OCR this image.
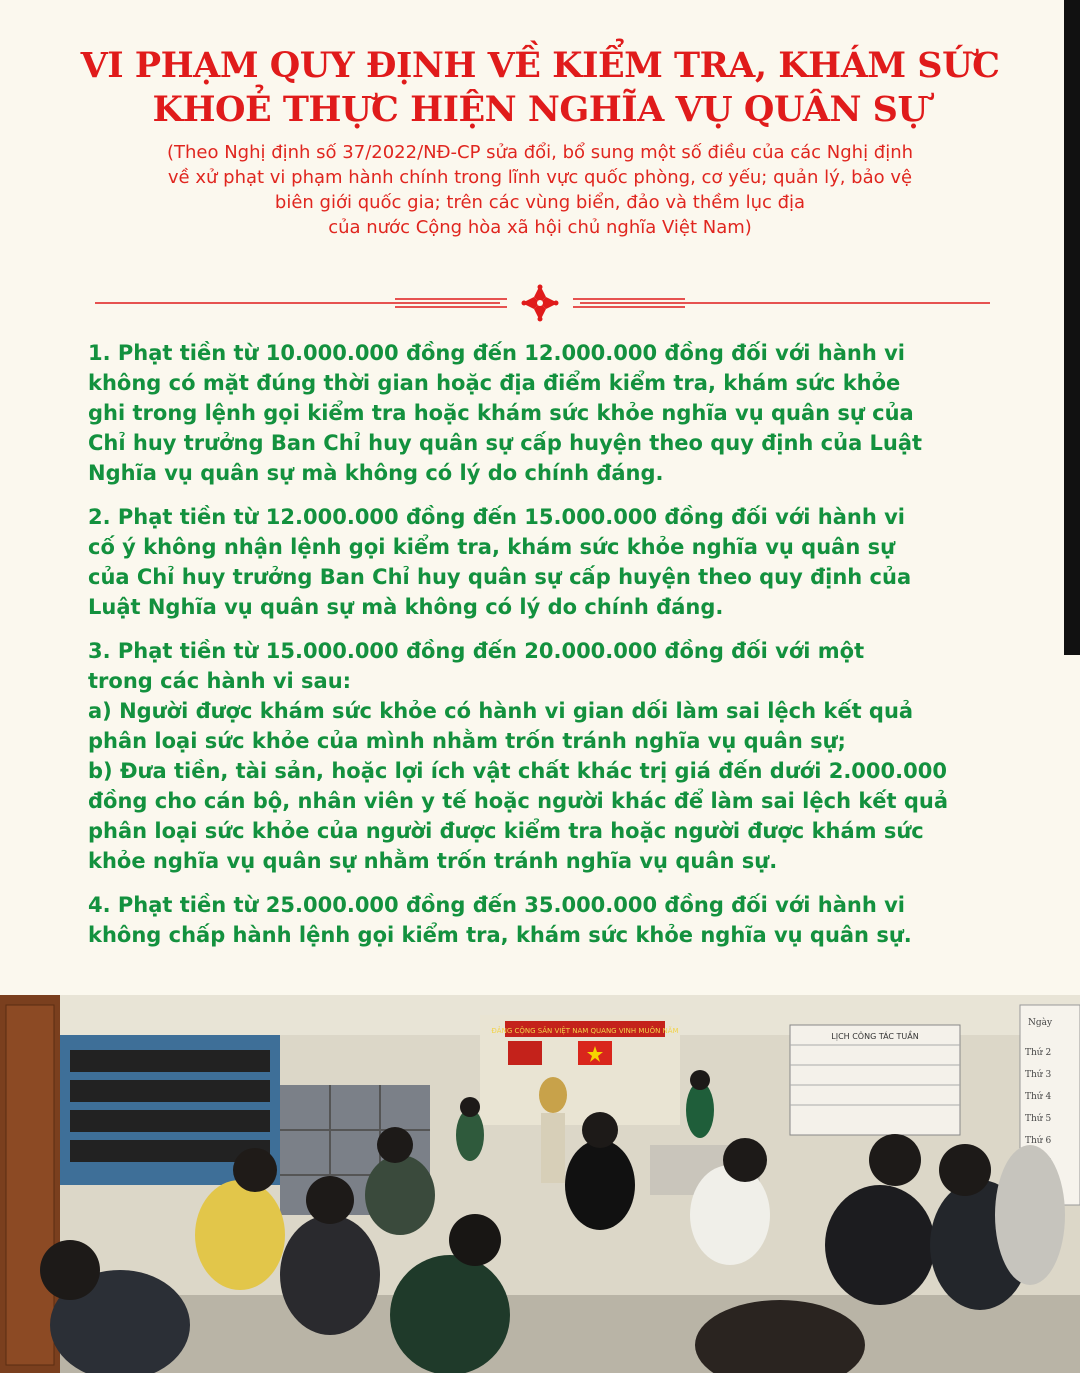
VI PHẠM QUY ĐỊNH VỀ KIỂM TRA, KHÁM SỨC
KHOẺ THỰC HIỆN NGHĨA VỤ QUÂN SỰ
(Theo Nghị định số 37/2022/NĐ-CP sửa đổi, bổ sung một số điều của các Nghị định
về xử phạt vi phạm hành chính trong lĩnh vực quốc phòng, cơ yếu; quản lý, bảo vệ
biên giới quốc gia; trên các vùng biển, đảo và thềm lục địa
của nước Cộng hòa xã hội chủ nghĩa Việt Nam)
1. Phạt tiền từ 10.000.000 đồng đến 12.000.000 đồng đối với hành vi
không có mặt đúng thời gian hoặc địa điểm kiểm tra, khám sức khỏe
ghi trong lệnh gọi kiểm tra hoặc khám sức khỏe nghĩa vụ quân sự của
Chỉ huy trưởng Ban Chỉ huy quân sự cấp huyện theo quy định của Luật
Nghĩa vụ quân sự mà không có lý do chính đáng.
2. Phạt tiền từ 12.000.000 đồng đến 15.000.000 đồng đối với hành vi
cố ý không nhận lệnh gọi kiểm tra, khám sức khỏe nghĩa vụ quân sự
của Chỉ huy trưởng Ban Chỉ huy quân sự cấp huyện theo quy định của
Luật Nghĩa vụ quân sự mà không có lý do chính đáng.
3. Phạt tiền từ 15.000.000 đồng đến 20.000.000 đồng đối với một
trong các hành vi sau:
a) Người được khám sức khỏe có hành vi gian dối làm sai lệch kết quả
phân loại sức khỏe của mình nhằm trốn tránh nghĩa vụ quân sự;
b) Đưa tiền, tài sản, hoặc lợi ích vật chất khác trị giá đến dưới 2.000.000
đồng cho cán bộ, nhân viên y tế hoặc người khác để làm sai lệch kết quả
phân loại sức khỏe của người được kiểm tra hoặc người được khám sức
khỏe nghĩa vụ quân sự nhằm trốn tránh nghĩa vụ quân sự.
4. Phạt tiền từ 25.000.000 đồng đến 35.000.000 đồng đối với hành vi
không chấp hành lệnh gọi kiểm tra, khám sức khỏe nghĩa vụ quân sự.
ĐẢNG CỘNG SẢN VIỆT NAM QUANG VINH MUÔN NĂM
LỊCH CÔNG TÁC TUẦN
Ngày
Thứ 2
Thứ 3
Thứ 4
Thứ 5
Thứ 6
